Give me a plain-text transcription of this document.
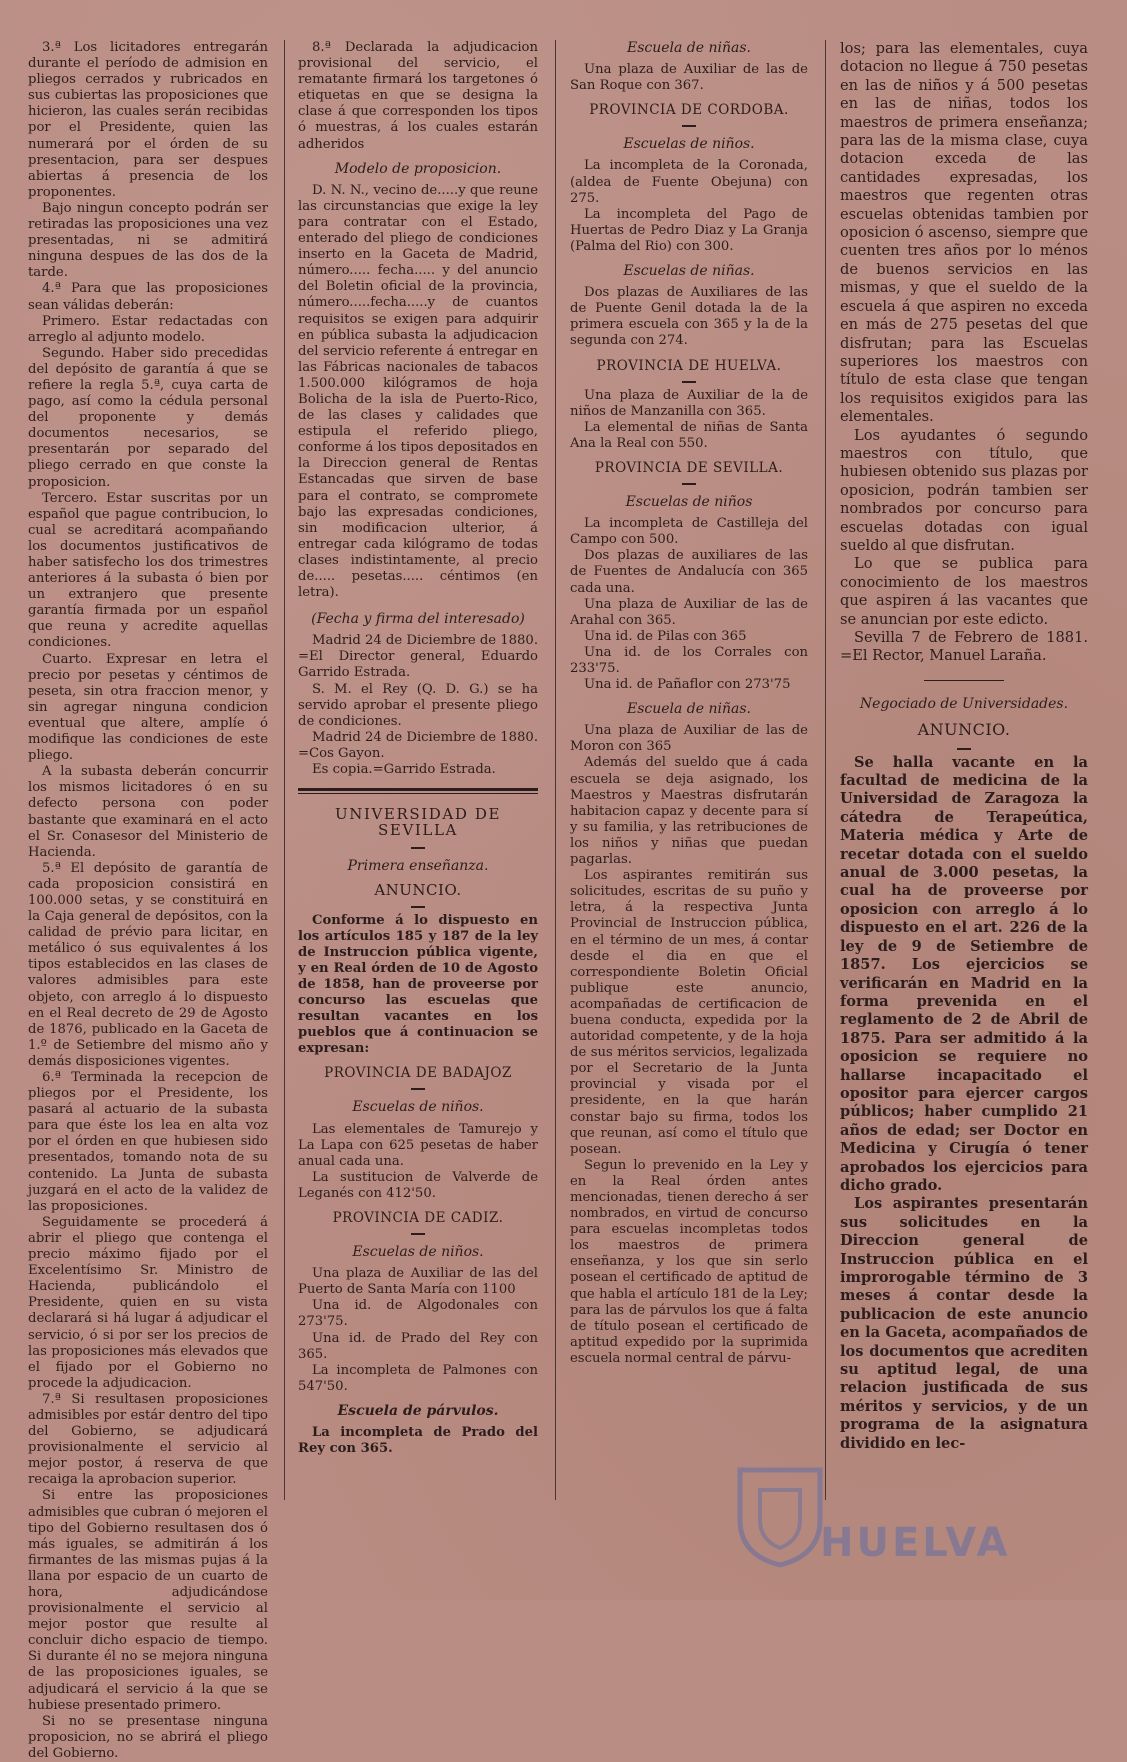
3.ª Los licitadores entregarán durante el período de admision en pliegos cerrados y rubricados en sus cubiertas las proposiciones que hicieron, las cuales serán recibidas por el Presidente, quien las numerará por el órden de su presentacion, para ser despues abiertas á presencia de los proponentes.

Bajo ningun concepto podrán ser retiradas las proposiciones una vez presentadas, ni se admitirá ninguna despues de las dos de la tarde.

4.ª Para que las proposiciones sean válidas deberán:

Primero. Estar redactadas con arreglo al adjunto modelo.

Segundo. Haber sido precedidas del depósito de garantía á que se refiere la regla 5.ª, cuya carta de pago, así como la cédula personal del proponente y demás documentos necesarios, se presentarán por separado del pliego cerrado en que conste la proposicion.

Tercero. Estar suscritas por un español que pague contribucion, lo cual se acreditará acompañando los documentos justificativos de haber satisfecho los dos trimestres anteriores á la subasta ó bien por un extranjero que presente garantía firmada por un español que reuna y acredite aquellas condiciones.

Cuarto. Expresar en letra el precio por pesetas y céntimos de peseta, sin otra fraccion menor, y sin agregar ninguna condicion eventual que altere, amplíe ó modifique las condiciones de este pliego.

A la subasta deberán concurrir los mismos licitadores ó en su defecto persona con poder bastante que examinará en el acto el Sr. Conasesor del Ministerio de Hacienda.

5.ª El depósito de garantía de cada proposicion consistirá en 100.000 setas, y se constituirá en la Caja general de depósitos, con la calidad de prévio para licitar, en metálico ó sus equivalentes á los tipos establecidos en las clases de valores admisibles para este objeto, con arreglo á lo dispuesto en el Real decreto de 29 de Agosto de 1876, publicado en la Gaceta de 1.º de Setiembre del mismo año y demás disposiciones vigentes.

6.ª Terminada la recepcion de pliegos por el Presidente, los pasará al actuario de la subasta para que éste los lea en alta voz por el órden en que hubiesen sido presentados, tomando nota de su contenido. La Junta de subasta juzgará en el acto de la validez de las proposiciones.

Seguidamente se procederá á abrir el pliego que contenga el precio máximo fijado por el Excelentísimo Sr. Ministro de Hacienda, publicándolo el Presidente, quien en su vista declarará si há lugar á adjudicar el servicio, ó si por ser los precios de las proposiciones más elevados que el fijado por el Gobierno no procede la adjudicacion.

7.ª Si resultasen proposiciones admisibles por estár dentro del tipo del Gobierno, se adjudicará provisionalmente el servicio al mejor postor, á reserva de que recaiga la aprobacion superior.

Si entre las proposiciones admisibles que cubran ó mejoren el tipo del Gobierno resultasen dos ó más iguales, se admitirán á los firmantes de las mismas pujas á la llana por espacio de un cuarto de hora, adjudicándose provisionalmente el servicio al mejor postor que resulte al concluir dicho espacio de tiempo. Si durante él no se mejora ninguna de las proposiciones iguales, se adjudicará el servicio á la que se hubiese presentado primero.

Si no se presentase ninguna proposicion, no se abrirá el pliego del Gobierno.

8.ª Declarada la adjudicacion provisional del servicio, el rematante firmará los targetones ó etiquetas en que se designa la clase á que corresponden los tipos ó muestras, á los cuales estarán adheridos

Modelo de proposicion.

D. N. N., vecino de.....y que reune las circunstancias que exige la ley para contratar con el Estado, enterado del pliego de condiciones inserto en la Gaceta de Madrid, número..... fecha..... y del anuncio del Boletin oficial de la provincia, número.....fecha.....y de cuantos requisitos se exigen para adquirir en pública subasta la adjudicacion del servicio referente á entregar en las Fábricas nacionales de tabacos 1.500.000 kilógramos de hoja Bolicha de la isla de Puerto-Rico, de las clases y calidades que estipula el referido pliego, conforme á los tipos depositados en la Direccion general de Rentas Estancadas que sirven de base para el contrato, se compromete bajo las expresadas condiciones, sin modificacion ulterior, á entregar cada kilógramo de todas clases indistintamente, al precio de..... pesetas..... céntimos (en letra).

(Fecha y firma del interesado)

Madrid 24 de Diciembre de 1880. =El Director general, Eduardo Garrido Estrada.

S. M. el Rey (Q. D. G.) se ha servido aprobar el presente pliego de condiciones.

Madrid 24 de Diciembre de 1880. =Cos Gayon.

Es copia.=Garrido Estrada.

UNIVERSIDAD DE SEVILLA
Primera enseñanza.
ANUNCIO.

Conforme á lo dispuesto en los artículos 185 y 187 de la ley de Instruccion pública vigente, y en Real órden de 10 de Agosto de 1858, han de proveerse por concurso las escuelas que resultan vacantes en los pueblos que á continuacion se expresan:

PROVINCIA DE BADAJOZ
Escuelas de niños.

Las elementales de Tamurejo y La Lapa con 625 pesetas de haber anual cada una.

La sustitucion de Valverde de Leganés con 412'50.

PROVINCIA DE CADIZ.
Escuelas de niños.

Una plaza de Auxiliar de las del Puerto de Santa María con 1100

Una id. de Algodonales con 273'75.

Una id. de Prado del Rey con 365.

La incompleta de Palmones con 547'50.

Escuela de párvulos.

La incompleta de Prado del Rey con 365.

Escuela de niñas.

Una plaza de Auxiliar de las de San Roque con 367.

PROVINCIA DE CORDOBA.
Escuelas de niños.

La incompleta de la Coronada, (aldea de Fuente Obejuna) con 275.

La incompleta del Pago de Huertas de Pedro Diaz y La Granja (Palma del Rio) con 300.

Escuelas de niñas.

Dos plazas de Auxiliares de las de Puente Genil dotada la de la primera escuela con 365 y la de la segunda con 274.

PROVINCIA DE HUELVA.

Una plaza de Auxiliar de la de niños de Manzanilla con 365.

La elemental de niñas de Santa Ana la Real con 550.

PROVINCIA DE SEVILLA.
Escuelas de niños

La incompleta de Castilleja del Campo con 500.

Dos plazas de auxiliares de las de Fuentes de Andalucía con 365 cada una.

Una plaza de Auxiliar de las de Arahal con 365.

Una id. de Pilas con 365

Una id. de los Corrales con 233'75.

Una id. de Pañaflor con 273'75

Escuela de niñas.

Una plaza de Auxiliar de las de Moron con 365

Además del sueldo que á cada escuela se deja asignado, los Maestros y Maestras disfrutarán habitacion capaz y decente para sí y su familia, y las retribuciones de los niños y niñas que puedan pagarlas.

Los aspirantes remitirán sus solicitudes, escritas de su puño y letra, á la respectiva Junta Provincial de Instruccion pública, en el término de un mes, á contar desde el dia en que el correspondiente Boletin Oficial publique este anuncio, acompañadas de certificacion de buena conducta, expedida por la autoridad competente, y de la hoja de sus méritos servicios, legalizada por el Secretario de la Junta provincial y visada por el presidente, en la que harán constar bajo su firma, todos los que reunan, así como el título que posean.

Segun lo prevenido en la Ley y en la Real órden antes mencionadas, tienen derecho á ser nombrados, en virtud de concurso para escuelas incompletas todos los maestros de primera enseñanza, y los que sin serlo posean el certificado de aptitud de que habla el artículo 181 de la Ley; para las de párvulos los que á falta de título posean el certificado de aptitud expedido por la suprimida escuela normal central de párvu-

los; para las elementales, cuya dotacion no llegue á 750 pesetas en las de niños y á 500 pesetas en las de niñas, todos los maestros de primera enseñanza; para las de la misma clase, cuya dotacion exceda de las cantidades expresadas, los maestros que regenten otras escuelas obtenidas tambien por oposicion ó ascenso, siempre que cuenten tres años por lo ménos de buenos servicios en las mismas, y que el sueldo de la escuela á que aspiren no exceda en más de 275 pesetas del que disfrutan; para las Escuelas superiores los maestros con título de esta clase que tengan los requisitos exigidos para las elementales.

Los ayudantes ó segundo maestros con título, que hubiesen obtenido sus plazas por oposicion, podrán tambien ser nombrados por concurso para escuelas dotadas con igual sueldo al que disfrutan.

Lo que se publica para conocimiento de los maestros que aspiren á las vacantes que se anuncian por este edicto.

Sevilla 7 de Febrero de 1881. =El Rector, Manuel Laraña.

Negociado de Universidades.
ANUNCIO.

Se halla vacante en la facultad de medicina de la Universidad de Zaragoza la cátedra de Terapeútica, Materia médica y Arte de recetar dotada con el sueldo anual de 3.000 pesetas, la cual ha de proveerse por oposicion con arreglo á lo dispuesto en el art. 226 de la ley de 9 de Setiembre de 1857. Los ejercicios se verificarán en Madrid en la forma prevenida en el reglamento de 2 de Abril de 1875. Para ser admitido á la oposicion se requiere no hallarse incapacitado el opositor para ejercer cargos públicos; haber cumplido 21 años de edad; ser Doctor en Medicina y Cirugía ó tener aprobados los ejercicios para dicho grado.

Los aspirantes presentarán sus solicitudes en la Direccion general de Instruccion pública en el improrogable término de 3 meses á contar desde la publicacion de este anuncio en la Gaceta, acompañados de los documentos que acrediten su aptitud legal, de una relacion justificada de sus méritos y servicios, y de un programa de la asignatura dividido en lec-

HUELVA
